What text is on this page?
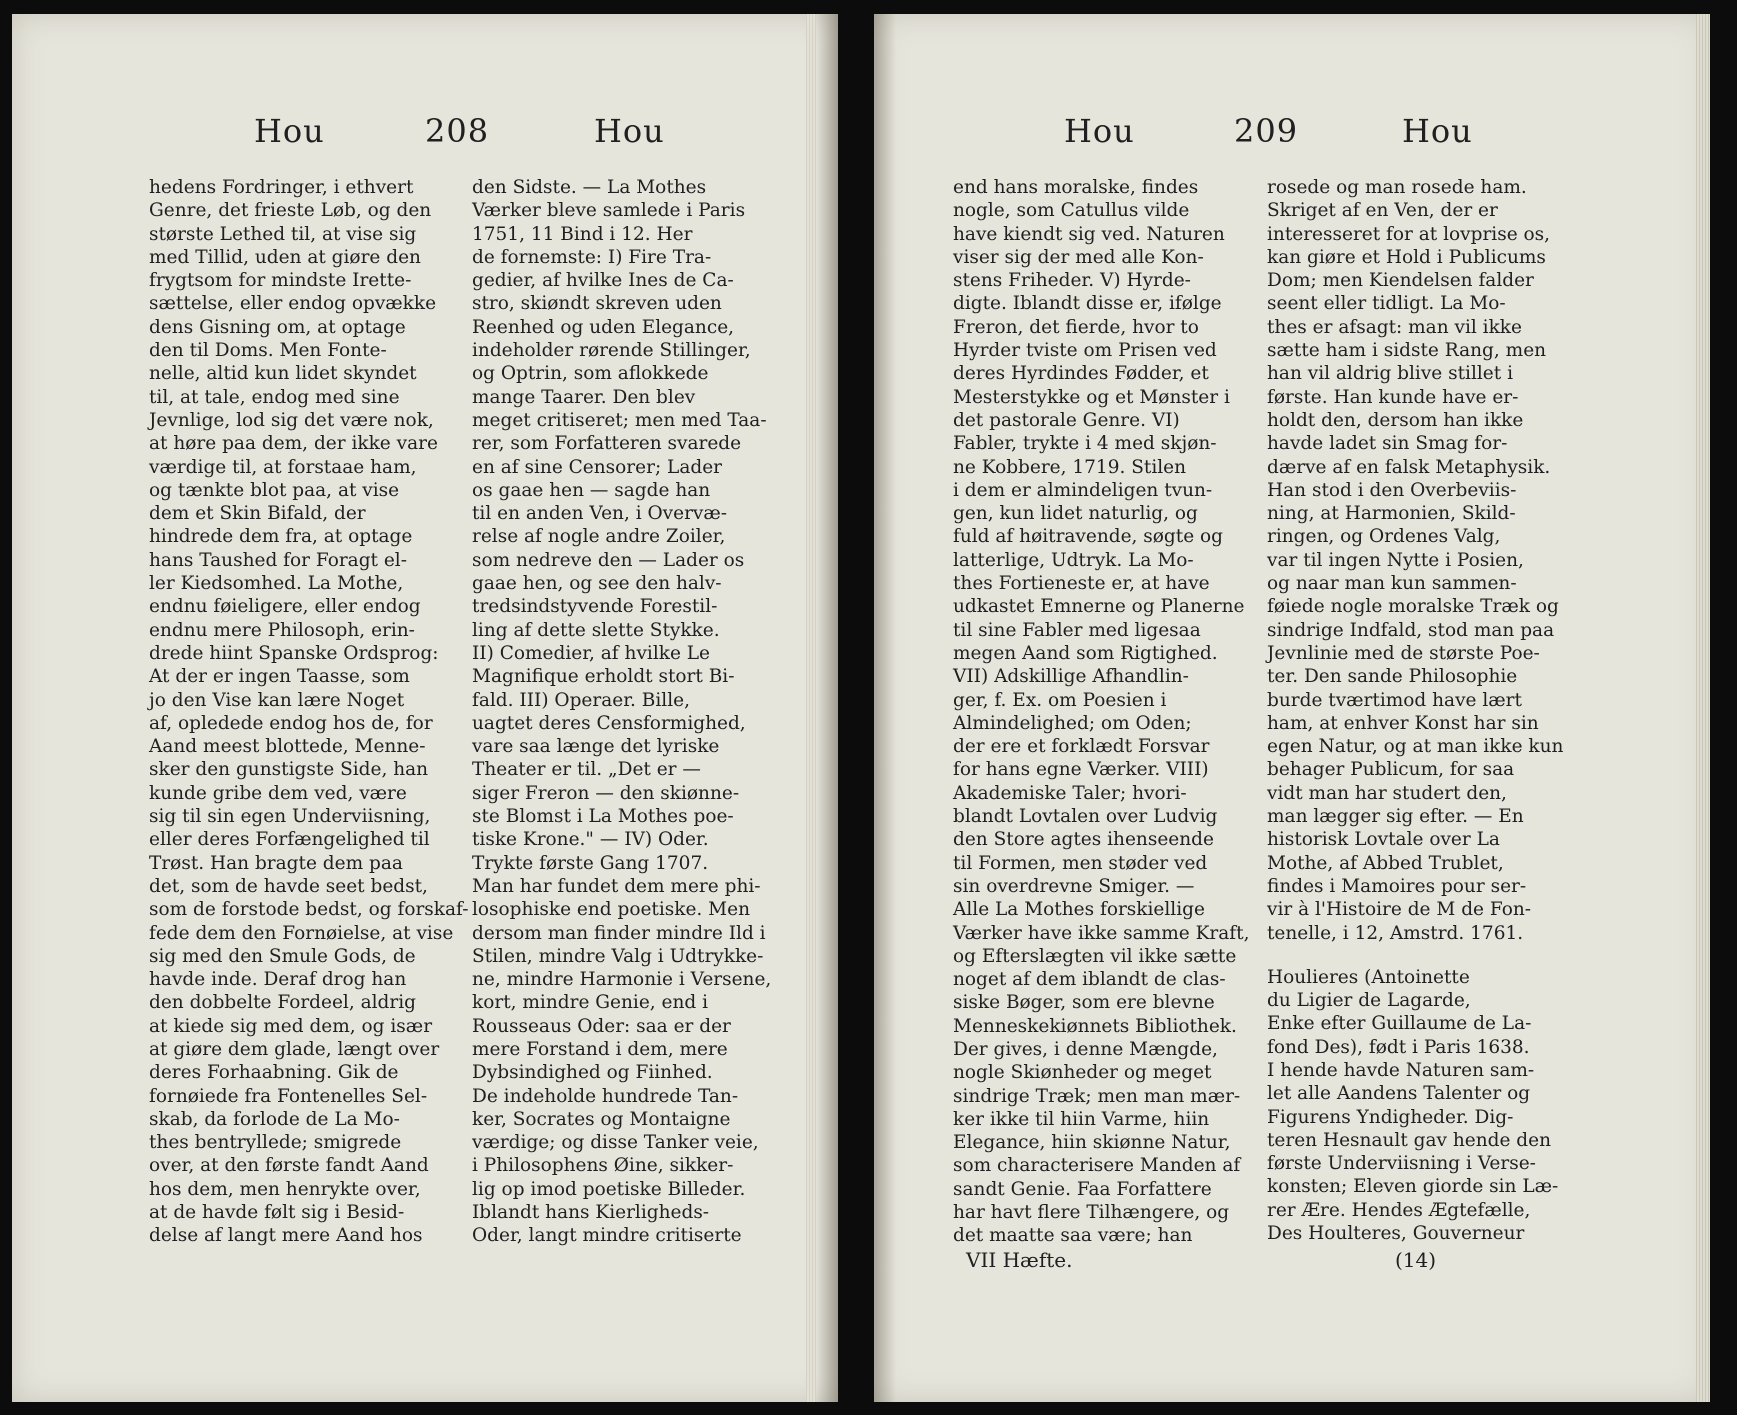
Hou	208	Hou
hedens Fordringer, i ethvert
Genre, det frieste Løb, og den
største Lethed til, at vise sig
med Tillid, uden at giøre den
frygtsom for mindste Irette-
sættelse, eller endog opvække
dens Gisning om, at optage
den til Doms. Men Fonte-
nelle, altid kun lidet skyndet
til, at tale, endog med sine
Jevnlige, lod sig det være nok,
at høre paa dem, der ikke vare
værdige til, at forstaae ham,
og tænkte blot paa, at vise
dem et Skin Bifald, der
hindrede dem fra, at optage
hans Taushed for Foragt el-
ler Kiedsomhed. La Mothe,
endnu føieligere, eller endog
endnu mere Philosoph, erin-
drede hiint Spanske Ordsprog:
At der er ingen Taasse, som
jo den Vise kan lære Noget
af, opledede endog hos de, for
Aand meest blottede, Menne-
sker den gunstigste Side, han
kunde gribe dem ved, være
sig til sin egen Underviisning,
eller deres Forfængelighed til
Trøst. Han bragte dem paa
det, som de havde seet bedst,
som de forstode bedst, og forskaf-
fede dem den Fornøielse, at vise
sig med den Smule Gods, de
havde inde. Deraf drog han
den dobbelte Fordeel, aldrig
at kiede sig med dem, og især
at giøre dem glade, længt over
deres Forhaabning. Gik de
fornøiede fra Fontenelles Sel-
skab, da forlode de La Mo-
thes bentryllede; smigrede
over, at den første fandt Aand
hos dem, men henrykte over,
at de havde følt sig i Besid-
delse af langt mere Aand hos
den Sidste. — La Mothes
Værker bleve samlede i Paris
1751, 11 Bind i 12. Her
de fornemste: I) Fire Tra-
gedier, af hvilke Ines de Ca-
stro, skiøndt skreven uden
Reenhed og uden Elegance,
indeholder rørende Stillinger,
og Optrin, som aflokkede
mange Taarer. Den blev
meget critiseret; men med Taa-
rer, som Forfatteren svarede
en af sine Censorer; Lader
os gaae hen — sagde han
til en anden Ven, i Overvæ-
relse af nogle andre Zoiler,
som nedreve den — Lader os
gaae hen, og see den halv-
tredsindstyvende Forestil-
ling af dette slette Stykke.
II) Comedier, af hvilke Le
Magnifique erholdt stort Bi-
fald. III) Operaer. Bille,
uagtet deres Censformighed,
vare saa længe det lyriske
Theater er til. „Det er —
siger Freron — den skiønne-
ste Blomst i La Mothes poe-
tiske Krone." — IV) Oder.
Trykte første Gang 1707.
Man har fundet dem mere phi-
losophiske end poetiske. Men
dersom man finder mindre Ild i
Stilen, mindre Valg i Udtrykke-
ne, mindre Harmonie i Versene,
kort, mindre Genie, end i
Rousseaus Oder: saa er der
mere Forstand i dem, mere
Dybsindighed og Fiinhed.
De indeholde hundrede Tan-
ker, Socrates og Montaigne
værdige; og disse Tanker veie,
i Philosophens Øine, sikker-
lig op imod poetiske Billeder.
Iblandt hans Kierligheds-
Oder, langt mindre critiserte
Hou	209	Hou
end hans moralske, findes
nogle, som Catullus vilde
have kiendt sig ved. Naturen
viser sig der med alle Kon-
stens Friheder. V) Hyrde-
digte. Iblandt disse er, ifølge
Freron, det fierde, hvor to
Hyrder tvistе om Prisen ved
deres Hyrdindes Fødder, et
Mesterstykke og et Mønster i
det pastorale Genre. VI)
Fabler, trykte i 4 med skjøn-
ne Kobbere, 1719. Stilen
i dem er almindeligen tvun-
gen, kun lidet naturlig, og
fuld af høitravende, søgte og
latterlige, Udtryk. La Mo-
thes Fortieneste er, at have
udkastet Emnerne og Planerne
til sine Fabler med ligesaa
megen Aand som Rigtighed.
VII) Adskillige Afhandlin-
ger, f. Ex. om Poesien i
Almindelighed; om Oden;
der ere et forklædt Forsvar
for hans egne Værker. VIII)
Akademiske Taler; hvori-
blandt Lovtalen over Ludvig
den Store agtes ihenseende
til Formen, men støder ved
sin overdrevne Smiger. —
Alle La Mothes forskiellige
Værker have ikke samme Kraft,
og Efterslægten vil ikke sætte
noget af dem iblandt de clas-
siske Bøger, som ere blevne
Menneskekiønnets Bibliothek.
Der gives, i denne Mængde,
nogle Skiønheder og meget
sindrige Træk; men man mær-
ker ikke til hiin Varme, hiin
Elegance, hiin skiønne Natur,
som characterisere Manden af
sandt Genie. Faa Forfattere
har havt flere Tilhængere, og
det maatte saa være; han
rosede og man rosede ham.
Skriget af en Ven, der er
interesseret for at lovprise os,
kan giøre et Hold i Publicums
Dom; men Kiendelsen falder
seent eller tidligt. La Mo-
thes er afsagt: man vil ikke
sætte ham i sidste Rang, men
han vil aldrig blive stillet i
første. Han kunde have er-
holdt den, dersom han ikke
havde ladet sin Smag for-
dærve af en falsk Metaphysik.
Han stod i den Overbeviis-
ning, at Harmonien, Skild-
ringen, og Ordenes Valg,
var til ingen Nytte i Posien,
og naar man kun sammen-
føiede nogle moralske Træk og
sindrige Indfald, stod man paa
Jevnlinie med de største Poe-
ter. Den sande Philosophie
burde tværtimod have lært
ham, at enhver Konst har sin
egen Natur, og at man ikke kun
behager Publicum, for saa
vidt man har studert den,
man lægger sig efter. — En
historisk Lovtale over La
Mothe, af Abbed Trublet,
findes i Mamoires pour ser-
vir à l'Histoire de M de Fon-
tenelle, i 12, Amstrd. 1761.
Houlieres (Antoinette
du Ligier de Lagarde,
Enke efter Guillaume de La-
fond Des), født i Paris 1638.
I hende havde Naturen sam-
let alle Aandens Talenter og
Figurens Yndigheder. Dig-
teren Hesnault gav hende den
første Underviisning i Verse-
konsten; Eleven giorde sin Læ-
rer Ære. Hendes Ægtefælle,
Des Houlteres, Gouverneur
VII Hæfte.	(14)
